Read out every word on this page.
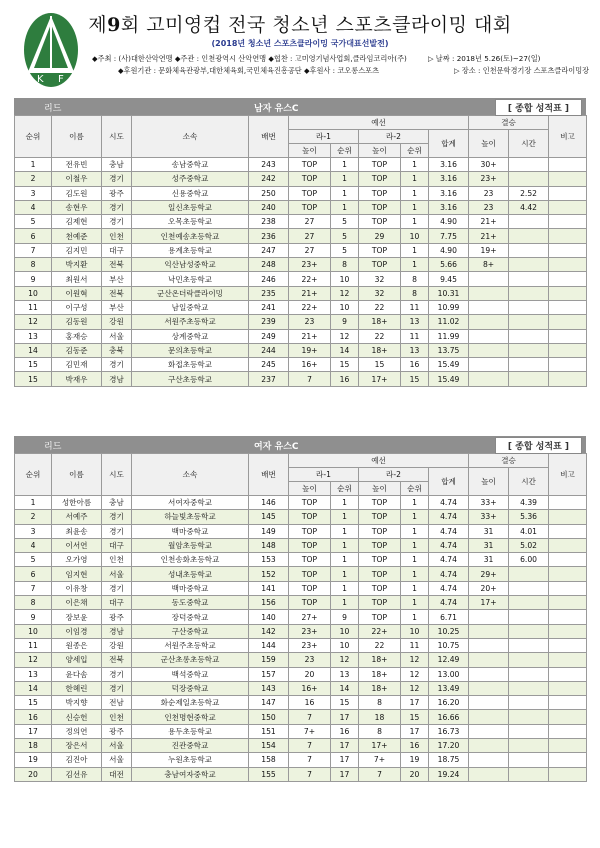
K F
제9회 고미영컵 전국 청소년 스포츠클라이밍 대회
(2018년 청소년 스포츠클라이밍 국가대표선발전)
◆주최 : (사)대한산악연맹 ◆주관 : 인천광역시 산악연맹 ◆협찬 : 고미영기념사업회,클라임코리아(주)	▷ 날짜 : 2018년 5.26(토)~27(일)
◆후원기관 : 문화체육관광부,대한체육회,국민체육진흥공단 ◆후원사 : 코오롱스포츠	▷ 장소 : 인천문학경기장 스포츠클라이밍장
리드	남자 유스C	[ 종합 성적표 ]
순위	이름	시도	소속	배번	예선					결승		비고
					라-1		라-2		합계	높이	시간	
					높이	순위	높이	순위				
1	전유빈	충남	송남중학교	243	TOP	1	TOP	1	3.16	30+		
2	이철우	경기	성주중학교	242	TOP	1	TOP	1	3.16	23+		
3	김도원	광주	신용중학교	250	TOP	1	TOP	1	3.16	23	2.52	
4	송현우	경기	일신초등학교	240	TOP	1	TOP	1	3.16	23	4.42	
5	김제현	경기	오목초등학교	238	27	5	TOP	1	4.90	21+		
6	천예준	인천	인천예송초등학교	236	27	5	29	10	7.75	21+		
7	김지민	대구	용계초등학교	247	27	5	TOP	1	4.90	19+		
8	박지환	전북	익산남성중학교	248	23+	8	TOP	1	5.66	8+		
9	최원서	부산	낙민초등학교	246	22+	10	32	8	9.45			
10	이원혁	전북	군산온더락클라이밍	235	21+	12	32	8	10.31			
11	이구성	부산	남일중학교	241	22+	10	22	11	10.99			
12	김동원	강원	서원주초등학교	239	23	9	18+	13	11.02			
13	홍재승	서울	상계중학교	249	21+	12	22	11	11.99			
14	김동준	충북	문의초등학교	244	19+	14	18+	13	13.75			
15	김민재	경기	화접초등학교	245	16+	15	15	16	15.49			
15	박재우	경남	구산초등학교	237	7	16	17+	15	15.49			
리드	여자 유스C	[ 종합 성적표 ]
순위	이름	시도	소속	배번	예선					결승		비고
					라-1		라-2		합계	높이	시간	
					높이	순위	높이	순위				
1	성한아름	충남	서여자중학교	146	TOP	1	TOP	1	4.74	33+	4.39	
2	서예주	경기	하늘빛초등학교	145	TOP	1	TOP	1	4.74	33+	5.36	
3	최윤송	경기	백마중학교	149	TOP	1	TOP	1	4.74	31	4.01	
4	이서연	대구	월암초등학교	148	TOP	1	TOP	1	4.74	31	5.02	
5	오가영	인천	인천송화초등학교	153	TOP	1	TOP	1	4.74	31	6.00	
6	임지현	서울	성내초등학교	152	TOP	1	TOP	1	4.74	29+		
7	이유창	경기	백마중학교	141	TOP	1	TOP	1	4.74	20+		
8	이은채	대구	동도중학교	156	TOP	1	TOP	1	4.74	17+		
9	장보윤	광주	장덕중학교	140	27+	9	TOP	1	6.71			
10	이임경	경남	구산중학교	142	23+	10	22+	10	10.25			
11	원종은	강원	서원주초등학교	144	23+	10	22	11	10.75			
12	양세입	전북	군산초롱초등학교	159	23	12	18+	12	12.49			
13	윤다솜	경기	백석중학교	157	20	13	18+	12	13.00			
14	한혜린	경기	덕장중학교	143	16+	14	18+	12	13.49			
15	박지향	전남	화순제일초등학교	147	16	15	8	17	16.20			
16	신승헌	인천	인천명현중학교	150	7	17	18	15	16.66			
17	정의연	광주	용두초등학교	151	7+	16	8	17	16.73			
18	장은서	서울	진관중학교	154	7	17	17+	16	17.20			
19	김진아	서울	누원초등학교	158	7	17	7+	19	18.75			
20	김선유	대전	충남여자중학교	155	7	17	7	20	19.24			
